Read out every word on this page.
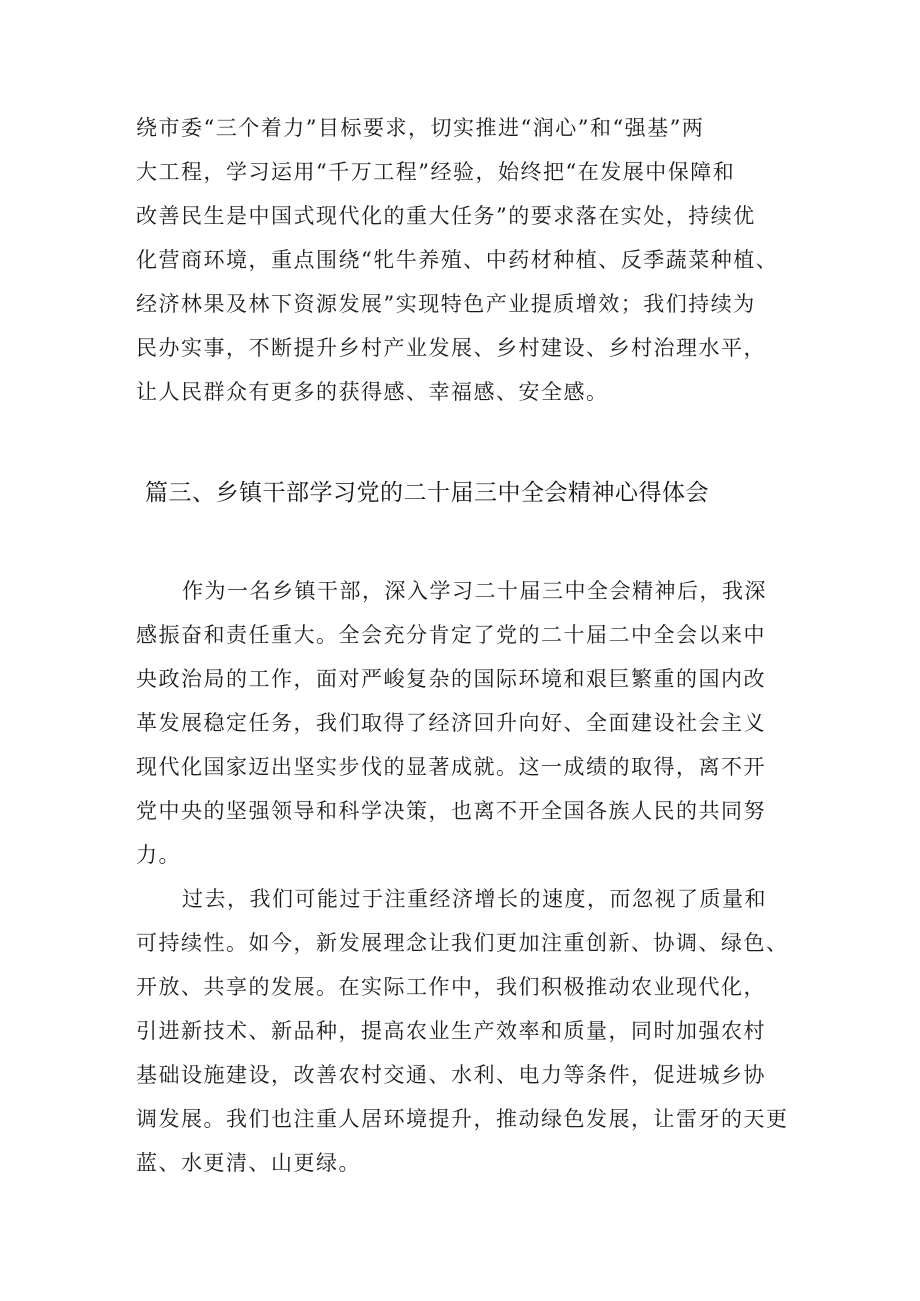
绕市委“三个着力”目标要求，切实推进“润心”和“强基”两
大工程，学习运用“千万工程”经验，始终把“在发展中保障和
改善民生是中国式现代化的重大任务”的要求落在实处，持续优
化营商环境，重点围绕“牝牛养殖、中药材种植、反季蔬菜种植、
经济林果及林下资源发展”实现特色产业提质增效；我们持续为
民办实事，不断提升乡村产业发展、乡村建设、乡村治理水平，
让人民群众有更多的获得感、幸福感、安全感。
篇三、乡镇干部学习党的二十届三中全会精神心得体会
作为一名乡镇干部，深入学习二十届三中全会精神后，我深
感振奋和责任重大。全会充分肯定了党的二十届二中全会以来中
央政治局的工作，面对严峻复杂的国际环境和艰巨繁重的国内改
革发展稳定任务，我们取得了经济回升向好、全面建设社会主义
现代化国家迈出坚实步伐的显著成就。这一成绩的取得，离不开
党中央的坚强领导和科学决策，也离不开全国各族人民的共同努
力。
过去，我们可能过于注重经济增长的速度，而忽视了质量和
可持续性。如今，新发展理念让我们更加注重创新、协调、绿色、
开放、共享的发展。在实际工作中，我们积极推动农业现代化，
引进新技术、新品种，提高农业生产效率和质量，同时加强农村
基础设施建设，改善农村交通、水利、电力等条件，促进城乡协
调发展。我们也注重人居环境提升，推动绿色发展，让雷牙的天更
蓝、水更清、山更绿。
